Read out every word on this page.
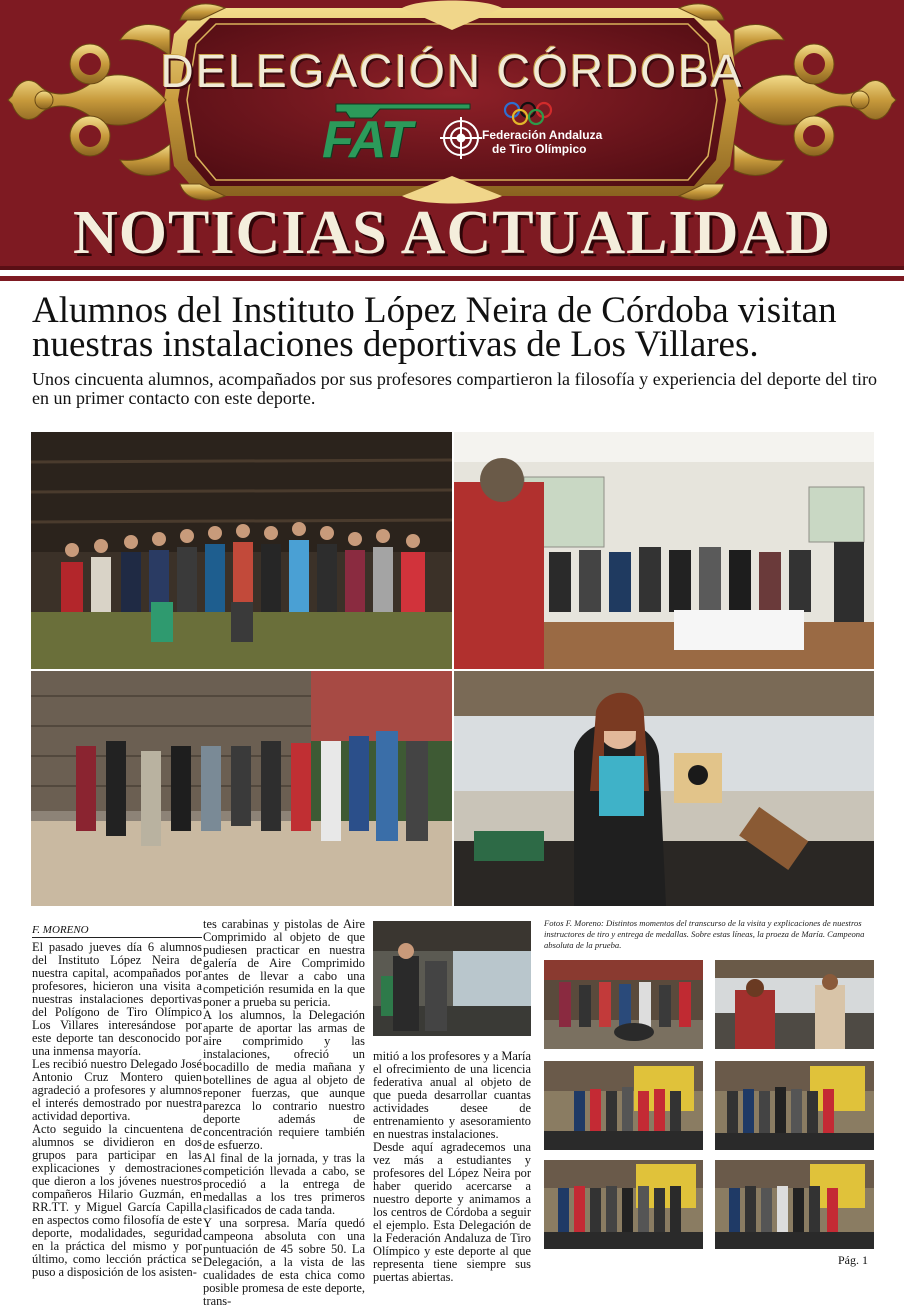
DELEGACIÓN CÓRDOBA
FAT	Federación Andaluza
de Tiro Olímpico
NOTICIAS ACTUALIDAD
Alumnos del Instituto López Neira de Córdoba visitan
nuestras instalaciones deportivas de Los Villares.

Unos cincuenta alumnos, acompañados por sus profesores compartieron la filosofía y experiencia del deporte del tiro en un primer contacto con este deporte.

F. MORENO

El pasado jueves día 6 alumnos del Instituto López Neira de nuestra capital, acompañados por profesores, hicieron una visita a nuestras instalaciones deportivas del Polígono de Tiro Olímpico Los Villares interesándose por este deporte tan desconocido por una inmensa mayoría.

Les recibió nuestro Delegado José Antonio Cruz Montero quien agradeció a profesores y alumnos el interés demostrado por nuestra actividad deportiva.

Acto seguido la cincuentena de alumnos se dividieron en dos grupos para participar en las explicaciones y demostraciones que dieron a los jóvenes nuestros compañeros Hilario Guzmán, en RR.TT. y Miguel García Capilla en aspectos como filosofía de este deporte, modalidades, seguridad en la práctica del mismo y por último, como lección práctica se puso a disposición de los asisten-

tes carabinas y pistolas de Aire Comprimido al objeto de que pudiesen practicar en nuestra galería de Aire Comprimido antes de llevar a cabo una competición resumida en la que poner a prueba su pericia.

A los alumnos, la Delegación aparte de aportar las armas de aire comprimido y las instalaciones, ofreció un bocadillo de media mañana y botellines de agua al objeto de reponer fuerzas, que aunque parezca lo contrario nuestro deporte además de concentración requiere también de esfuerzo.

Al final de la jornada, y tras la competición llevada a cabo, se procedió a la entrega de medallas a los tres primeros clasificados de cada tanda.

Y una sorpresa. María quedó campeona absoluta con una puntuación de 45 sobre 50. La Delegación, a la vista de las cualidades de esta chica como posible promesa de este deporte, trans-

mitió a los profesores y a María el ofrecimiento de una licencia federativa anual al objeto de que pueda desarrollar cuantas actividades desee de entrenamiento y asesoramiento en nuestras instalaciones.

Desde aquí agradecemos una vez más a estudiantes y profesores del López Neira por haber querido acercarse a nuestro deporte y animamos a los centros de Córdoba a seguir el ejemplo. Esta Delegación de la Federación Andaluza de Tiro Olímpico y este deporte al que representa tiene siempre sus puertas abiertas.

Fotos F. Moreno: Distintos momentos del transcurso de la visita y explicaciones de nuestros instructores de tiro y entrega de medallas. Sobre estas líneas, la proeza de María. Campeona absoluta de la prueba.
Pág. 1
